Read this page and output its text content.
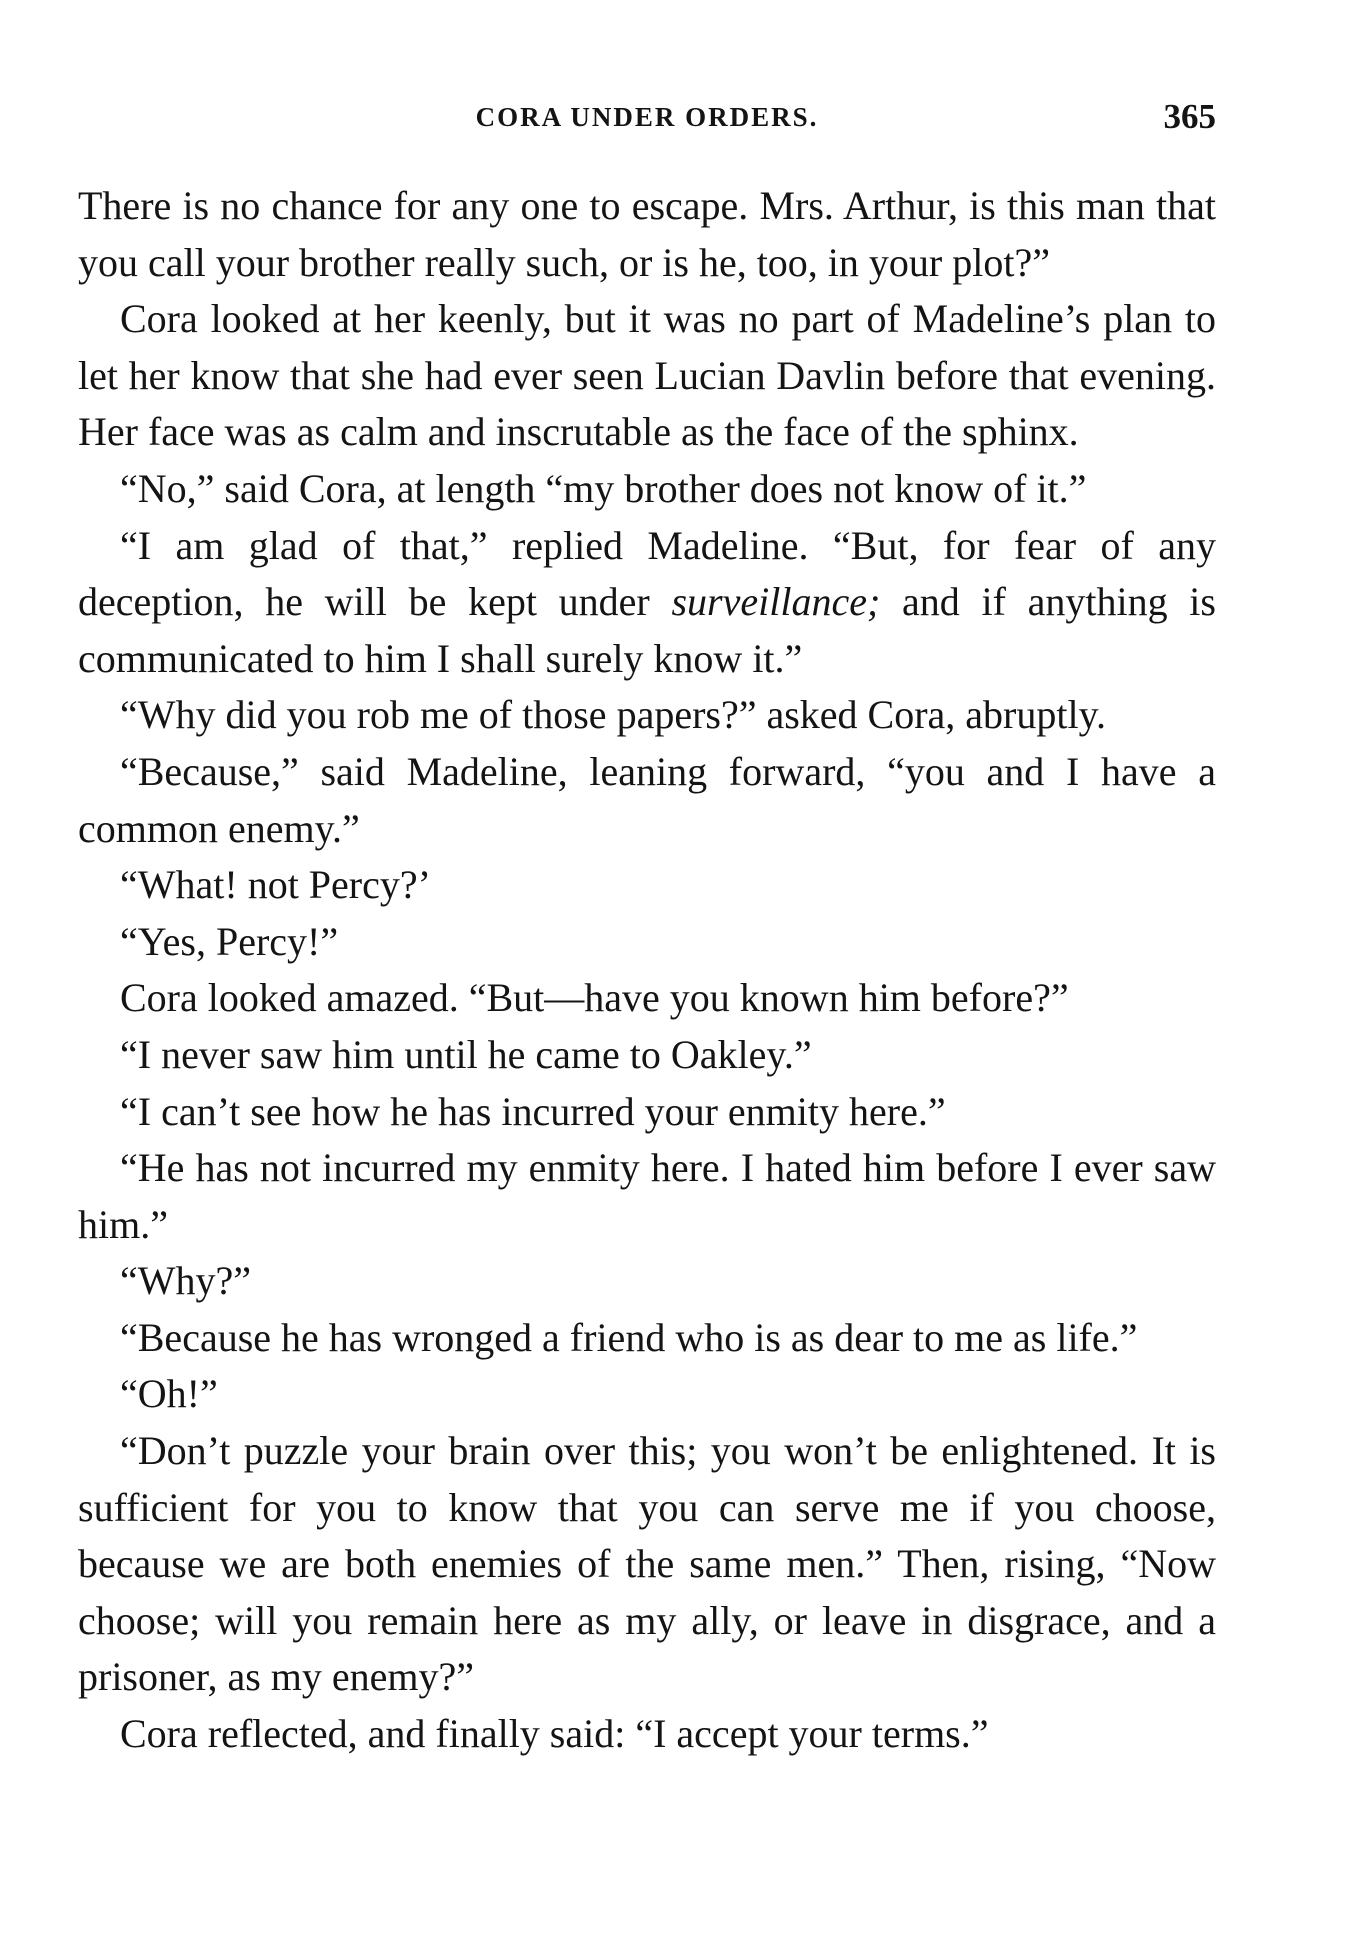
CORA UNDER ORDERS.	365

There is no chance for any one to escape. Mrs. Arthur, is this man that you call your brother really such, or is he, too, in your plot?”

Cora looked at her keenly, but it was no part of Madeline’s plan to let her know that she had ever seen Lucian Davlin before that evening. Her face was as calm and inscrutable as the face of the sphinx.

“No,” said Cora, at length “my brother does not know of it.”

“I am glad of that,” replied Madeline. “But, for fear of any deception, he will be kept under surveillance; and if anything is communicated to him I shall surely know it.”

“Why did you rob me of those papers?” asked Cora, abruptly.

“Because,” said Madeline, leaning forward, “you and I have a common enemy.”

“What! not Percy?’

“Yes, Percy!”

Cora looked amazed. “But—have you known him before?”

“I never saw him until he came to Oakley.”

“I can’t see how he has incurred your enmity here.”

“He has not incurred my enmity here. I hated him before I ever saw him.”

“Why?”

“Because he has wronged a friend who is as dear to me as life.”

“Oh!”

“Don’t puzzle your brain over this; you won’t be enlightened. It is sufficient for you to know that you can serve me if you choose, because we are both enemies of the same men.” Then, rising, “Now choose; will you remain here as my ally, or leave in disgrace, and a prisoner, as my enemy?”

Cora reflected, and finally said: “I accept your terms.”
